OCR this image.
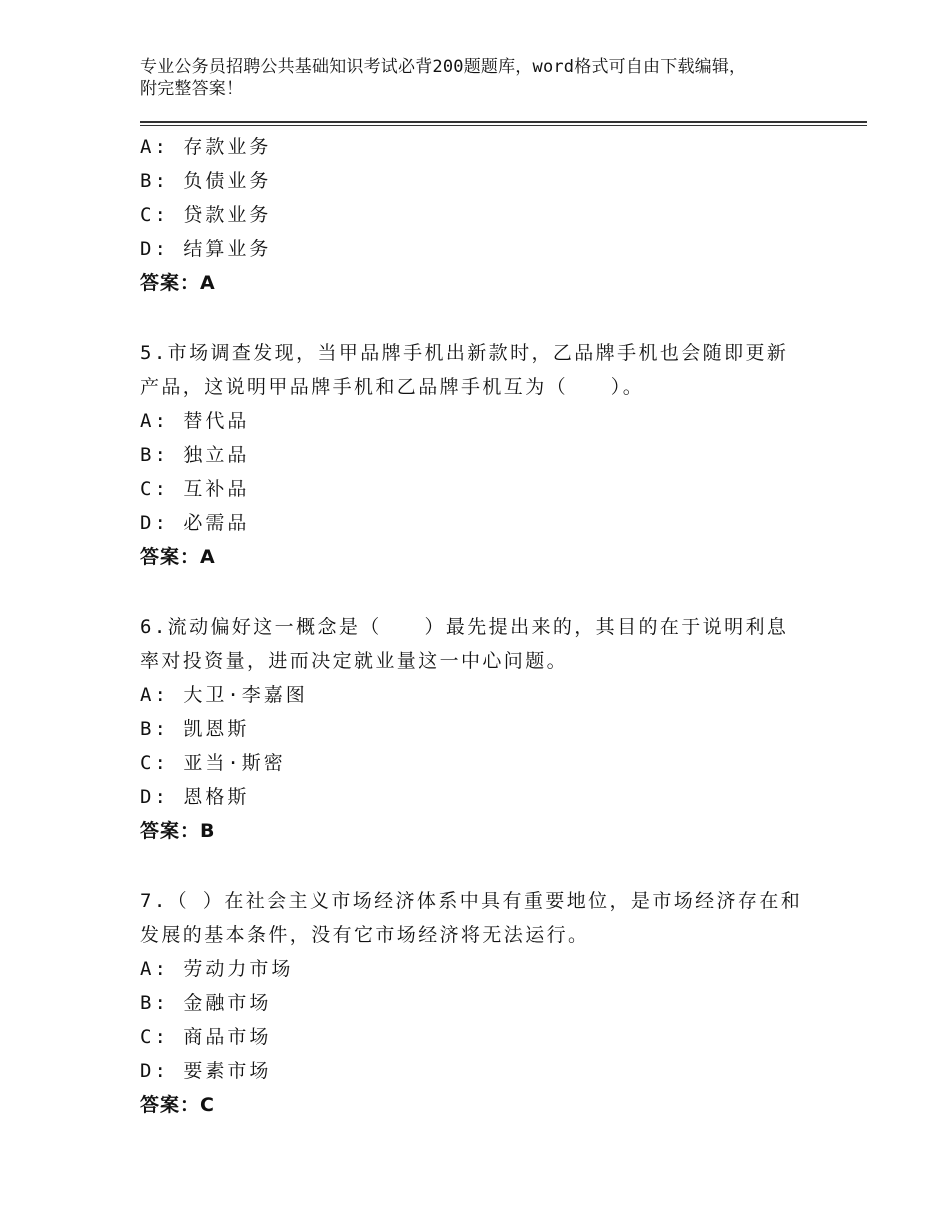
专业公务员招聘公共基础知识考试必背200题题库，word格式可自由下载编辑，
附完整答案！
A: 存款业务
B: 负债业务
C: 贷款业务
D: 结算业务
答案：A
5.市场调查发现，当甲品牌手机出新款时，乙品牌手机也会随即更新
产品，这说明甲品牌手机和乙品牌手机互为（　　）。
A: 替代品
B: 独立品
C: 互补品
D: 必需品
答案：A
6.流动偏好这一概念是（　　）最先提出来的，其目的在于说明利息
率对投资量，进而决定就业量这一中心问题。
A: 大卫·李嘉图
B: 凯恩斯
C: 亚当·斯密
D: 恩格斯
答案：B
7.（ ）在社会主义市场经济体系中具有重要地位，是市场经济存在和
发展的基本条件，没有它市场经济将无法运行。
A: 劳动力市场
B: 金融市场
C: 商品市场
D: 要素市场
答案：C
